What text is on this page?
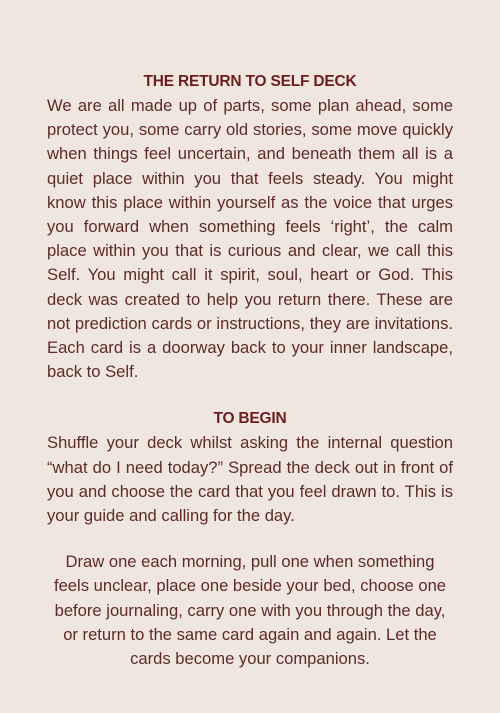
THE RETURN TO SELF DECK

We are all made up of parts, some plan ahead, some protect you, some carry old stories, some move quickly when things feel uncertain, and beneath them all is a quiet place within you that feels steady. You might know this place within yourself as the voice that urges you forward when something feels ‘right’, the calm place within you that is curious and clear, we call this Self. You might call it spirit, soul, heart or God. This deck was created to help you return there. These are not prediction cards or instructions, they are invitations. Each card is a doorway back to your inner landscape, back to Self.

TO BEGIN

Shuffle your deck whilst asking the internal question “what do I need today?” Spread the deck out in front of you and choose the card that you feel drawn to. This is your guide and calling for the day.

Draw one each morning, pull one when something feels unclear, place one beside your bed, choose one before journaling, carry one with you through the day, or return to the same card again and again. Let the cards become your companions.
